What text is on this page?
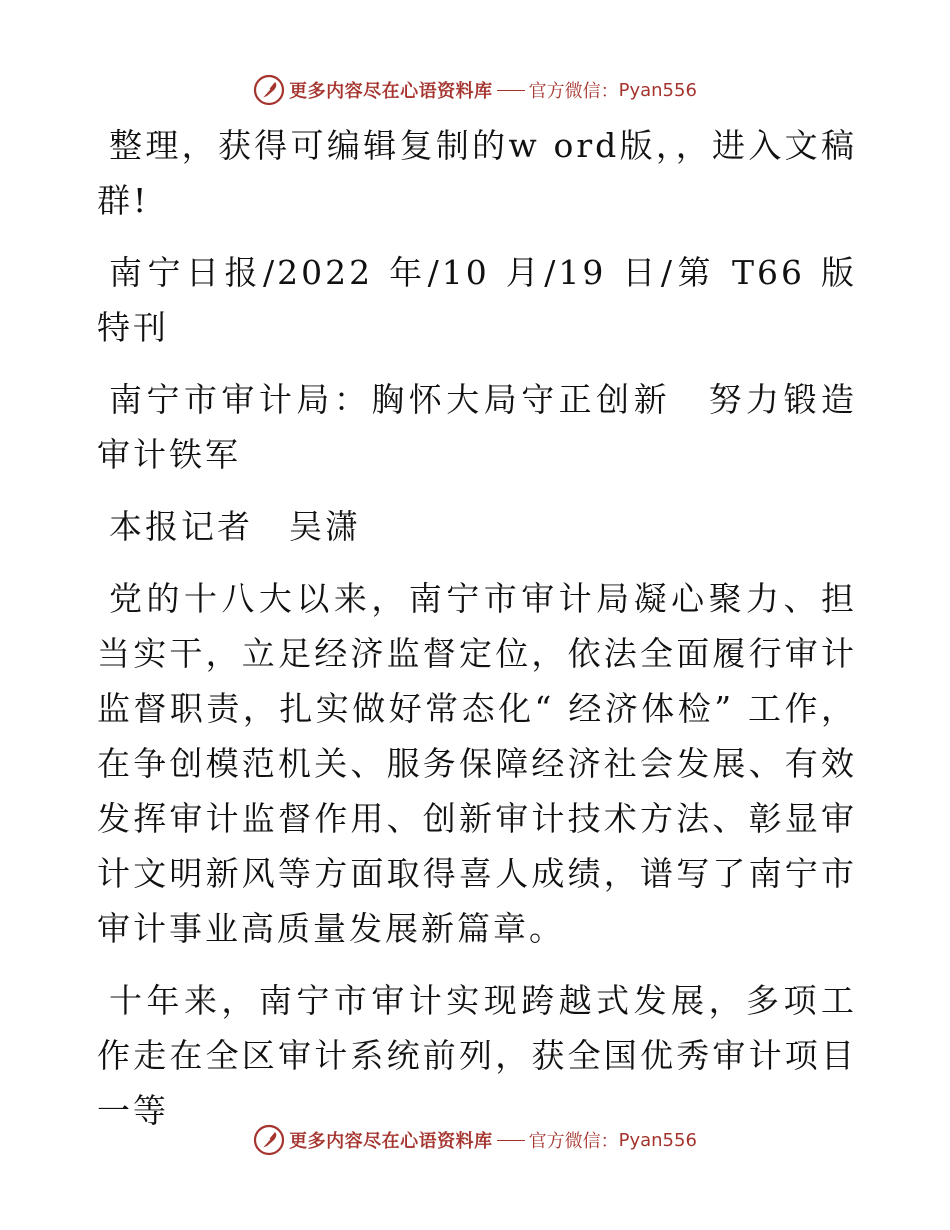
更多内容尽在心语资料库 官方微信： Pyan556

整理，获得可编辑复制的w ord版，，进入文稿群!

南宁日报/2022 年/10 月/19 日/第 T66 版特刊

南宁市审计局：胸怀大局守正创新　努力锻造审计铁军

本报记者　吴潇

党的十八大以来，南宁市审计局凝心聚力、担当实干，立足经济监督定位，依法全面履行审计监督职责，扎实做好常态化“ 经济体检” 工作，在争创模范机关、服务保障经济社会发展、有效发挥审计监督作用、创新审计技术方法、彰显审计文明新风等方面取得喜人成绩，谱写了南宁市审计事业高质量发展新篇章。

十年来，南宁市审计实现跨越式发展，多项工作走在全区审计系统前列，获全国优秀审计项目一等

更多内容尽在心语资料库 官方微信： Pyan556
